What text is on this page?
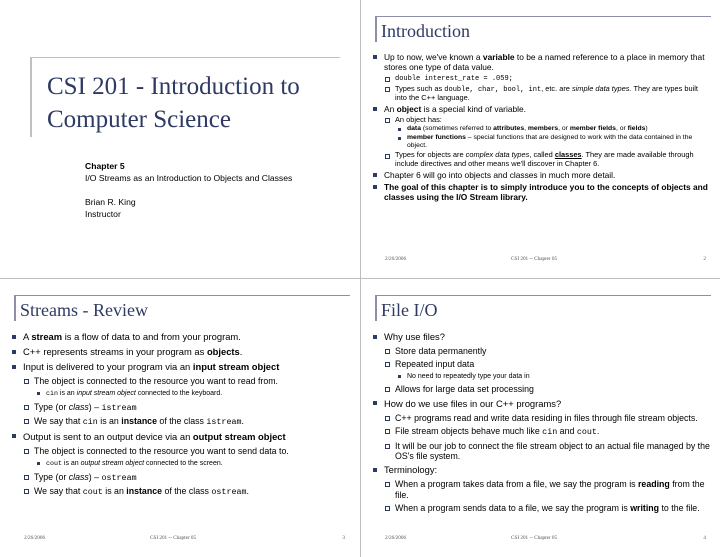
CSI 201 - Introduction to Computer Science
Chapter 5
I/O Streams as an Introduction to Objects and Classes
Brian R. King
Instructor
Introduction
Up to now, we've known a variable to be a named reference to a place in memory that stores one type of data value.
double interest_rate = .059;
Types such as double, char, bool, int, etc. are simple data types. They are types built into the C++ language.
An object is a special kind of variable.
An object has:
data (sometimes referred to attributes, members, or member fields, or fields)
member functions – special functions that are designed to work with the data contained in the object.
Types for objects are complex data types, called classes. They are made available through include directives and other means we'll discover in Chapter 6.
Chapter 6 will go into objects and classes in much more detail.
The goal of this chapter is to simply introduce you to the concepts of objects and classes using the I/O Stream library.
2/26/2006	CSI 201 -- Chapter 05	2
Streams - Review
A stream is a flow of data to and from your program.
C++ represents streams in your program as objects.
Input is delivered to your program via an input stream object
The object is connected to the resource you want to read from.
cin is an input stream object connected to the keyboard.
Type (or class) – istream
We say that cin is an instance of the class istream.
Output is sent to an output device via an output stream object
The object is connected to the resource you want to send data to.
cout is an output stream object connected to the screen.
Type (or class) – ostream
We say that cout is an instance of the class ostream.
2/26/2006	CSI 201 -- Chapter 05	3
File I/O
Why use files?
Store data permanently
Repeated input data
No need to repeatedly type your data in
Allows for large data set processing
How do we use files in our C++ programs?
C++ programs read and write data residing in files through file stream objects.
File stream objects behave much like cin and cout.
It will be our job to connect the file stream object to an actual file managed by the OS's file system.
Terminology:
When a program takes data from a file, we say the program is reading from the file.
When a program sends data to a file, we say the program is writing to the file.
2/26/2006	CSI 201 -- Chapter 05	4
